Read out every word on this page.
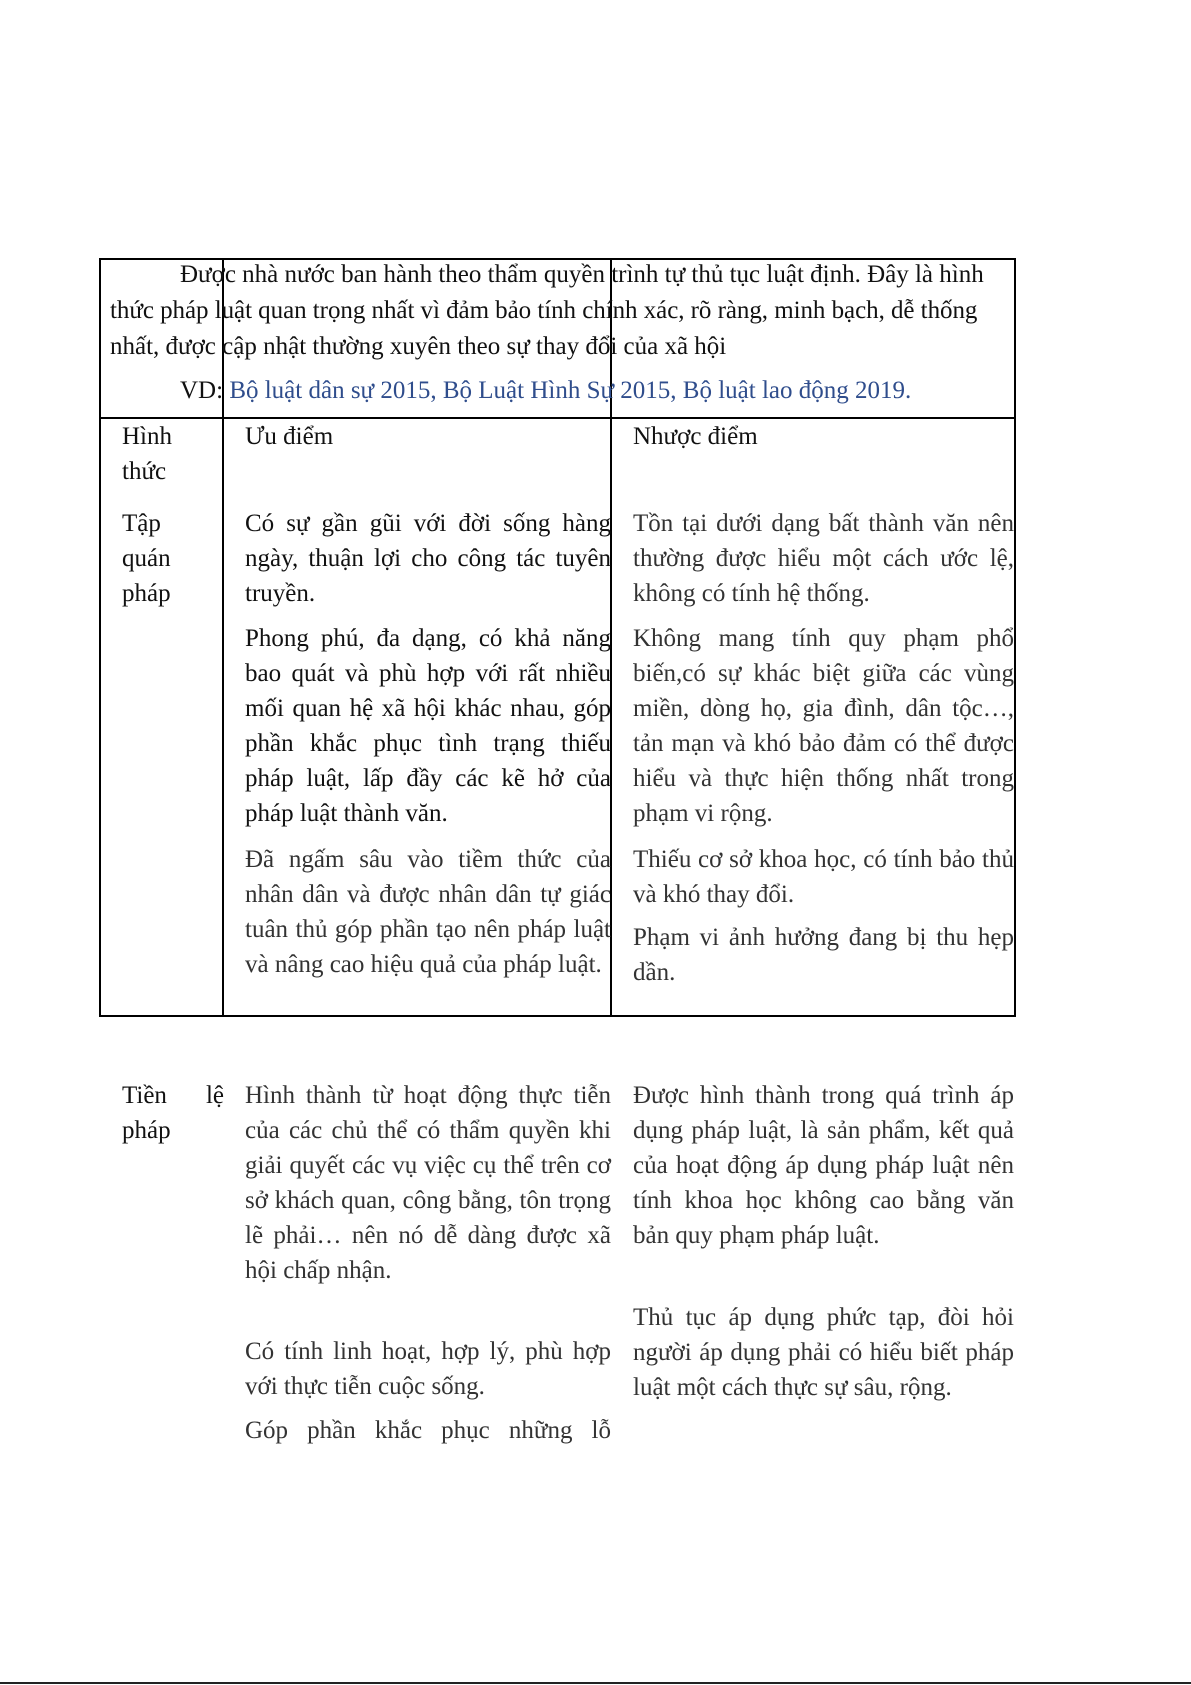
Được nhà nước ban hành theo thẩm quyền trình tự thủ tục luật định. Đây là hình
thức pháp luật quan trọng nhất vì đảm bảo tính chính xác, rõ ràng, minh bạch, dễ thống
nhất, được cập nhật thường xuyên theo sự thay đổi của xã hội
VD: Bộ luật dân sự 2015, Bộ Luật Hình Sự 2015, Bộ luật lao động 2019.
Hình thức
Ưu điểm	Nhược điểm
Tập quán pháp
Có sự gần gũi với đời sống hàng ngày, thuận lợi cho công tác tuyên truyền.
Phong phú, đa dạng, có khả năng bao quát và phù hợp với rất nhiều mối quan hệ xã hội khác nhau, góp phần khắc phục tình trạng thiếu pháp luật, lấp đầy các kẽ hở của pháp luật thành văn.
Đã ngấm sâu vào tiềm thức của nhân dân và được nhân dân tự giác tuân thủ góp phần tạo nên pháp luật và nâng cao hiệu quả của pháp luật.
Tồn tại dưới dạng bất thành văn nên thường được hiểu một cách ước lệ, không có tính hệ thống.
Không mang tính quy phạm phổ biến,có sự khác biệt giữa các vùng miền, dòng họ, gia đình, dân tộc…, tản mạn và khó bảo đảm có thể được hiểu và thực hiện thống nhất trong phạm vi rộng.
Thiếu cơ sở khoa học, có tính bảo thủ và khó thay đổi.
Phạm vi ảnh hưởng đang bị thu hẹp dần.
Tiền lệ pháp
Hình thành từ hoạt động thực tiễn của các chủ thể có thẩm quyền khi giải quyết các vụ việc cụ thể trên cơ sở khách quan, công bằng, tôn trọng lẽ phải… nên nó dễ dàng được xã hội chấp nhận.
Có tính linh hoạt, hợp lý, phù hợp với thực tiễn cuộc sống.
Góp phần khắc phục những lỗ
Được hình thành trong quá trình áp dụng pháp luật, là sản phẩm, kết quả của hoạt động áp dụng pháp luật nên tính khoa học không cao bằng văn bản quy phạm pháp luật.
Thủ tục áp dụng phức tạp, đòi hỏi người áp dụng phải có hiểu biết pháp luật một cách thực sự sâu, rộng.
